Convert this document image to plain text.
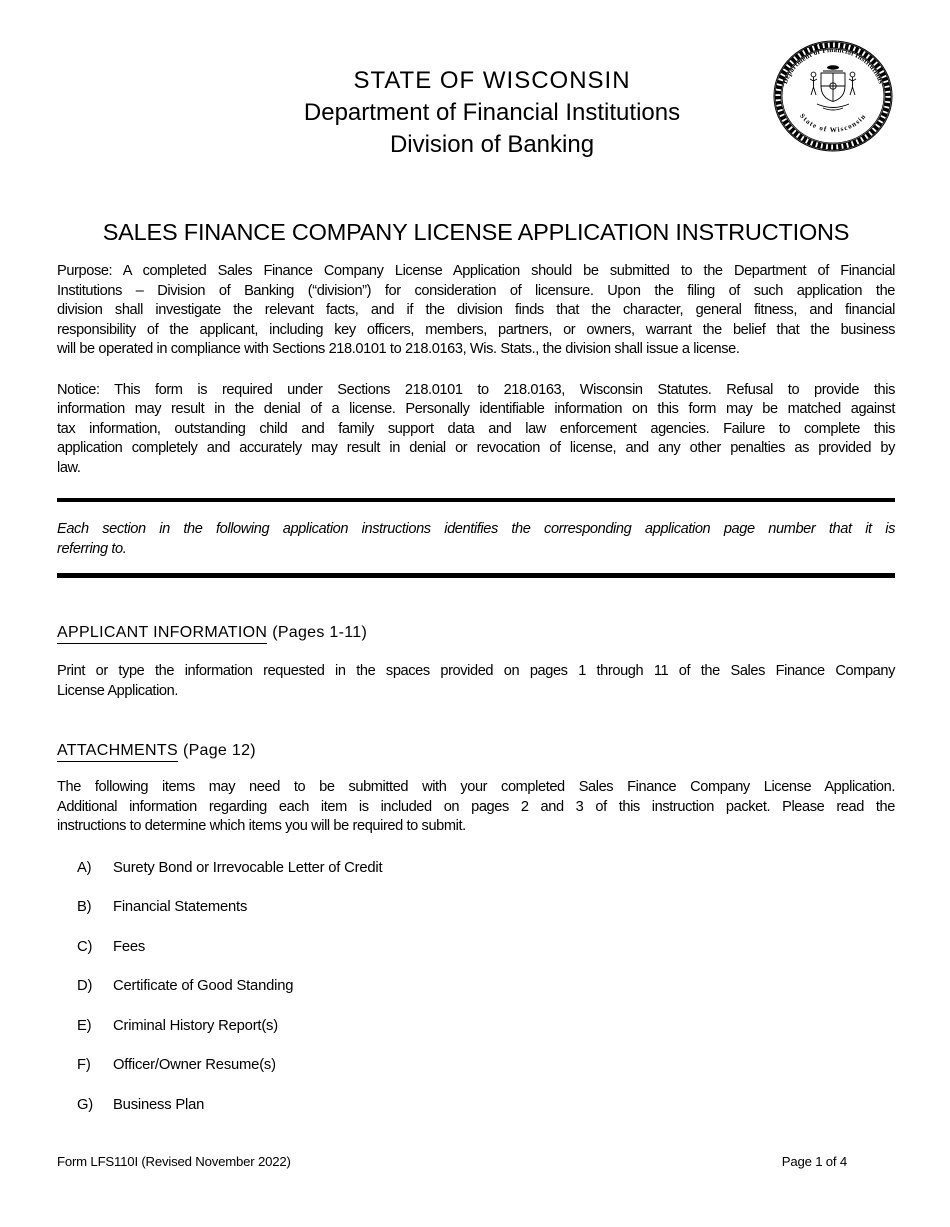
STATE OF WISCONSIN
Department of Financial Institutions
Division of Banking
Department of Financial Institutions
State of Wisconsin
SALES FINANCE COMPANY LICENSE APPLICATION INSTRUCTIONS
Purpose: A completed Sales Finance Company License Application should be submitted to the Department of Financial
Institutions – Division of Banking (“division”) for consideration of licensure. Upon the filing of such application the
division shall investigate the relevant facts, and if the division finds that the character, general fitness, and financial
responsibility of the applicant, including key officers, members, partners, or owners, warrant the belief that the business
will be operated in compliance with Sections 218.0101 to 218.0163, Wis. Stats., the division shall issue a license.
Notice: This form is required under Sections 218.0101 to 218.0163, Wisconsin Statutes. Refusal to provide this
information may result in the denial of a license. Personally identifiable information on this form may be matched against
tax information, outstanding child and family support data and law enforcement agencies. Failure to complete this
application completely and accurately may result in denial or revocation of license, and any other penalties as provided by
law.
Each section in the following application instructions identifies the corresponding application page number that it is
referring to.
APPLICANT INFORMATION (Pages 1-11)
Print or type the information requested in the spaces provided on pages 1 through 11 of the Sales Finance Company
License Application.
ATTACHMENTS (Page 12)
The following items may need to be submitted with your completed Sales Finance Company License Application.
Additional information regarding each item is included on pages 2 and 3 of this instruction packet. Please read the
instructions to determine which items you will be required to submit.
A)	Surety Bond or Irrevocable Letter of Credit
B)	Financial Statements
C)	Fees
D)	Certificate of Good Standing
E)	Criminal History Report(s)
F)	Officer/Owner Resume(s)
G)	Business Plan
Form LFS110I (Revised November 2022)	Page 1 of 4
